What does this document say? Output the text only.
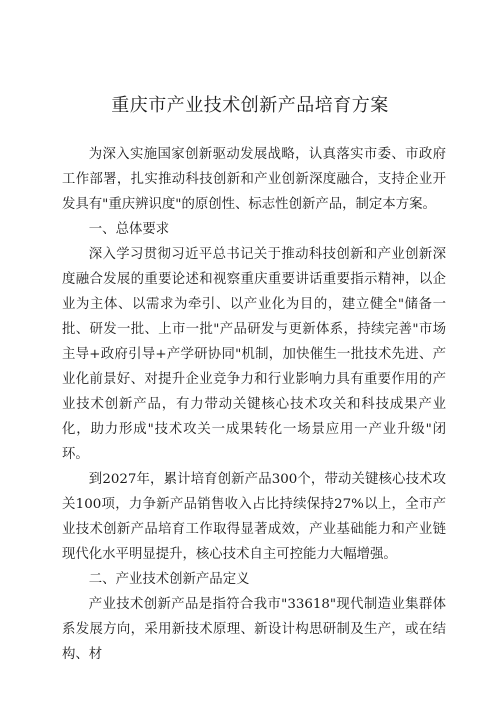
重庆市产业技术创新产品培育方案

为深入实施国家创新驱动发展战略，认真落实市委、市政府工作部署，扎实推动科技创新和产业创新深度融合，支持企业开发具有"重庆辨识度"的原创性、标志性创新产品，制定本方案。

一、总体要求

深入学习贯彻习近平总书记关于推动科技创新和产业创新深度融合发展的重要论述和视察重庆重要讲话重要指示精神，以企业为主体、以需求为牵引、以产业化为目的，建立健全"储备一批、研发一批、上市一批"产品研发与更新体系，持续完善"市场主导+政府引导+产学研协同"机制，加快催生一批技术先进、产业化前景好、对提升企业竞争力和行业影响力具有重要作用的产业技术创新产品，有力带动关键核心技术攻关和科技成果产业化，助力形成"技术攻关一成果转化一场景应用一产业升级"闭环。

到2027年，累计培育创新产品300个，带动关键核心技术攻关100项，力争新产品销售收入占比持续保持27%以上，全市产业技术创新产品培育工作取得显著成效，产业基础能力和产业链现代化水平明显提升，核心技术自主可控能力大幅增强。

二、产业技术创新产品定义

产业技术创新产品是指符合我市"33618"现代制造业集群体系发展方向，采用新技术原理、新设计构思研制及生产，或在结构、材
